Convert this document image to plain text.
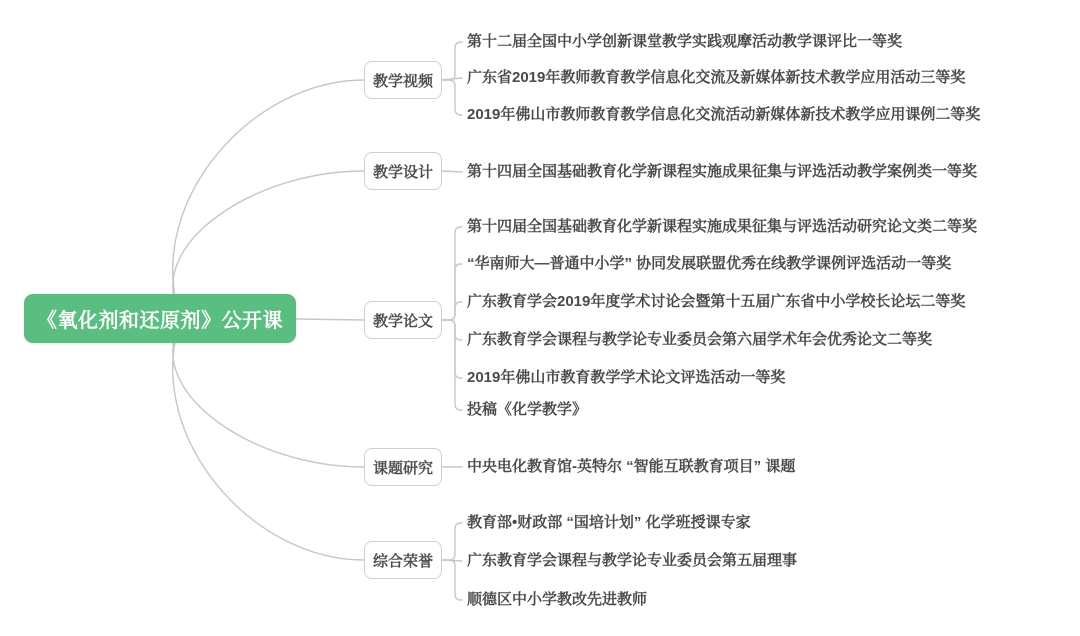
《氧化剂和还原剂》公开课
教学视频
第十二届全国中小学创新课堂教学实践观摩活动教学课评比一等奖
广东省2019年教师教育教学信息化交流及新媒体新技术教学应用活动三等奖
2019年佛山市教师教育教学信息化交流活动新媒体新技术教学应用课例二等奖
教学设计 第十四届全国基础教育化学新课程实施成果征集与评选活动教学案例类一等奖
教学论文
第十四届全国基础教育化学新课程实施成果征集与评选活动研究论文类二等奖
“华南师大—普通中小学” 协同发展联盟优秀在线教学课例评选活动一等奖
广东教育学会2019年度学术讨论会暨第十五届广东省中小学校长论坛二等奖
广东教育学会课程与教学论专业委员会第六届学术年会优秀论文二等奖
2019年佛山市教育教学学术论文评选活动一等奖
投稿《化学教学》
课题研究 中央电化教育馆-英特尔 “智能互联教育项目” 课题
综合荣誉
教育部•财政部 “国培计划” 化学班授课专家
广东教育学会课程与教学论专业委员会第五届理事
顺德区中小学教改先进教师
